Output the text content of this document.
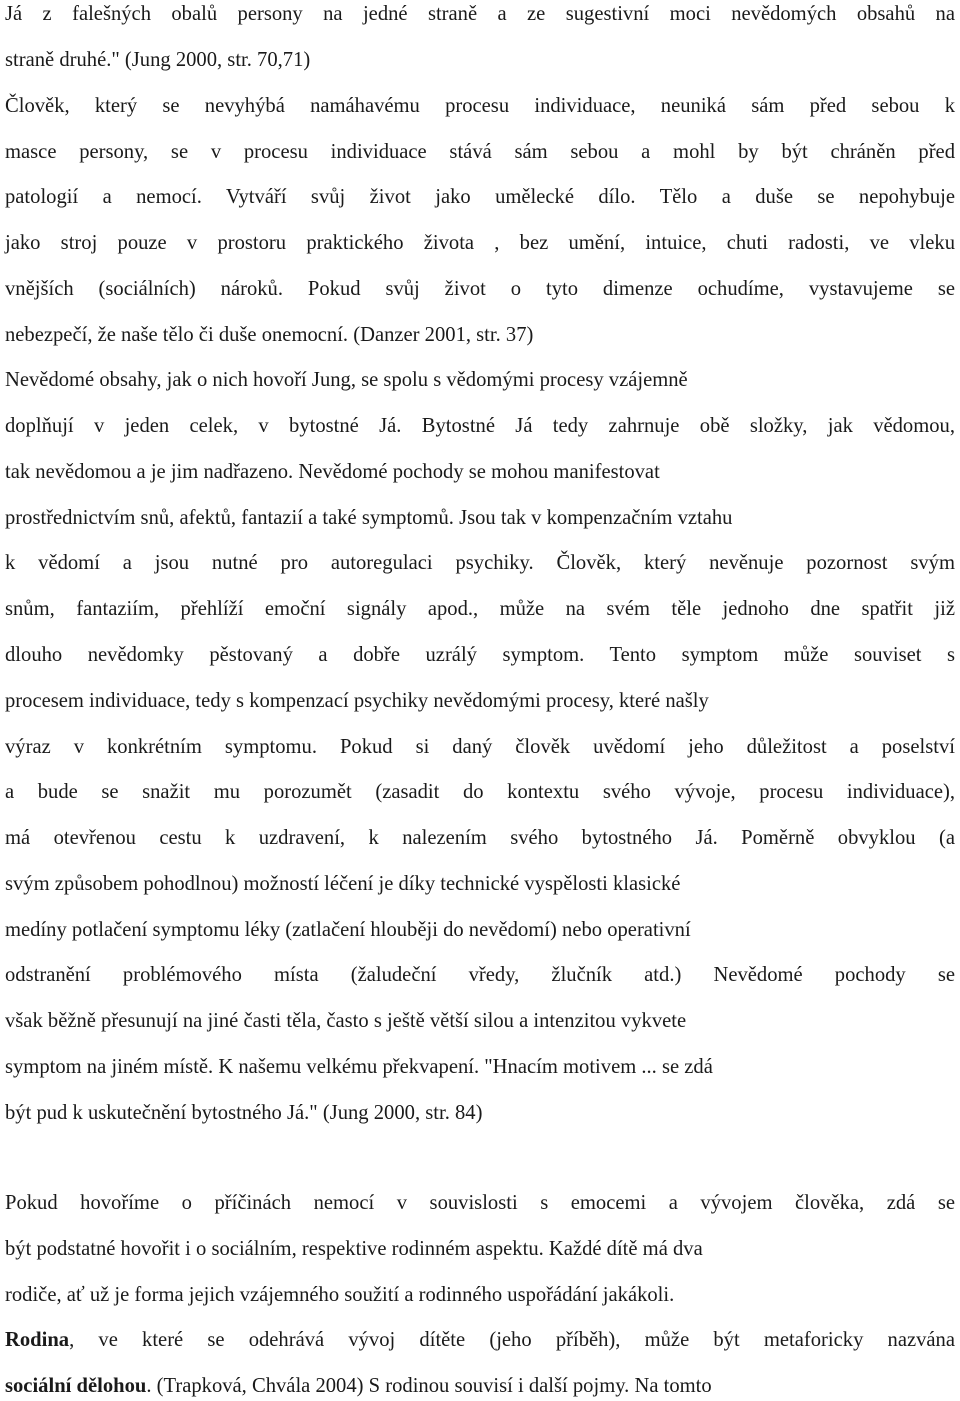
Já z falešných obalů persony na jedné straně a ze sugestivní moci nevědomých obsahů na
straně druhé." (Jung 2000, str. 70,71)
Člověk, který se nevyhýbá namáhavému procesu individuace, neuniká sám před sebou k
masce persony, se v procesu individuace stává sám sebou a mohl by být chráněn před
patologií a nemocí. Vytváří svůj život jako umělecké dílo. Tělo a duše se nepohybuje
jako stroj pouze v prostoru praktického života , bez umění, intuice, chuti radosti, ve vleku
vnějších (sociálních) nároků. Pokud svůj život o tyto dimenze ochudíme, vystavujeme se
nebezpečí, že naše tělo či duše onemocní. (Danzer 2001, str. 37)
Nevědomé obsahy, jak o nich hovoří Jung, se spolu s vědomými procesy vzájemně
doplňují v jeden celek, v bytostné Já. Bytostné Já tedy zahrnuje obě složky, jak vědomou,
tak nevědomou a je jim nadřazeno. Nevědomé pochody se mohou manifestovat
prostřednictvím snů, afektů, fantazií a také symptomů. Jsou tak v kompenzačním vztahu
k vědomí a jsou nutné pro autoregulaci psychiky. Člověk, který nevěnuje pozornost svým
snům, fantaziím, přehlíží emoční signály apod., může na svém těle jednoho dne spatřit již
dlouho nevědomky pěstovaný a dobře uzrálý symptom. Tento symptom může souviset s
procesem individuace, tedy s kompenzací psychiky nevědomými procesy, které našly
výraz v konkrétním symptomu. Pokud si daný člověk uvědomí jeho důležitost a poselství
a bude se snažit mu porozumět (zasadit do kontextu svého vývoje, procesu individuace),
má otevřenou cestu k uzdravení, k nalezením svého bytostného Já. Poměrně obvyklou (a
svým způsobem pohodlnou) možností léčení je díky technické vyspělosti klasické
medíny potlačení symptomu léky (zatlačení hlouběji do nevědomí) nebo operativní
odstranění problémového místa (žaludeční vředy, žlučník atd.) Nevědomé pochody se
však běžně přesunují na jiné časti těla, často s ještě větší silou a intenzitou vykvete
symptom na jiném místě. K našemu velkému překvapení. "Hnacím motivem ... se zdá
být pud k uskutečnění bytostného Já." (Jung 2000, str. 84)
Pokud hovoříme o příčinách nemocí v souvislosti s emocemi a vývojem člověka, zdá se
být podstatné hovořit i o sociálním, respektive rodinném aspektu. Každé dítě má dva
rodiče, ať už je forma jejich vzájemného soužití a rodinného uspořádání jakákoli.
Rodina, ve které se odehrává vývoj dítěte (jeho příběh), může být metaforicky nazvána
sociální dělohou. (Trapková, Chvála 2004) S rodinou souvisí i další pojmy. Na tomto
